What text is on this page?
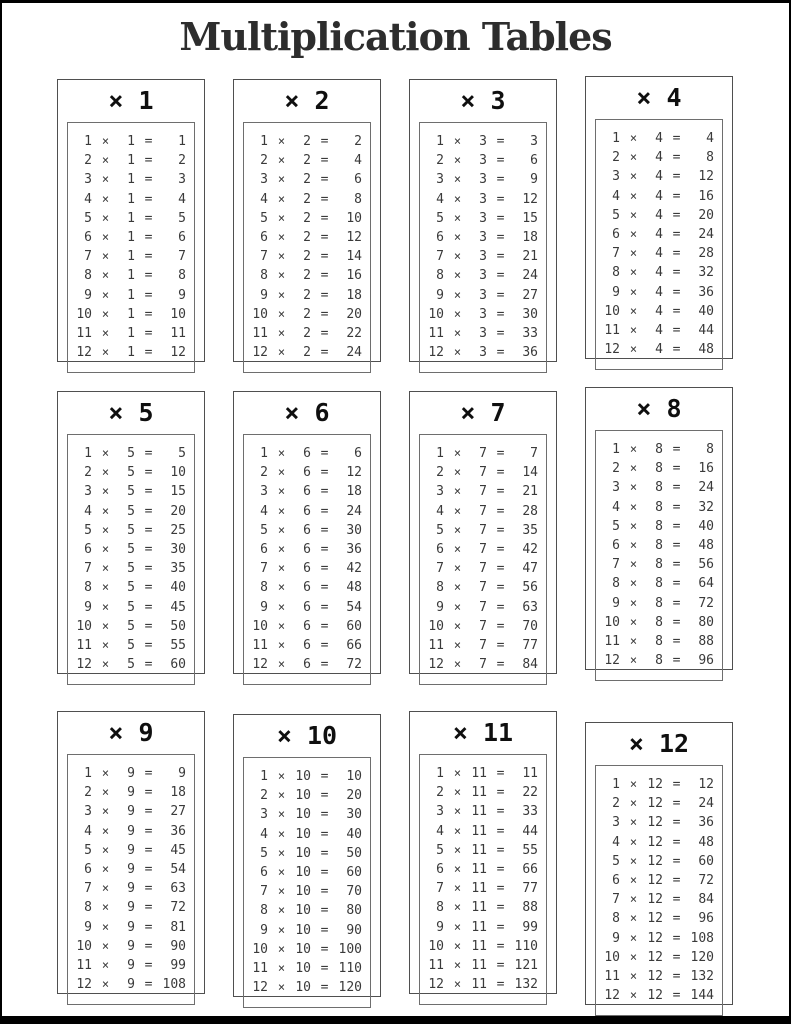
Multiplication Tables
× 1
1 ×	1 =	1
2 ×	1 =	2
3 ×	1 =	3
4 ×	1 =	4
5 ×	1 =	5
6 ×	1 =	6
7 ×	1 =	7
8 ×	1 =	8
9 ×	1 =	9
10 ×	1 =	10
11 ×	1 =	11
12 ×	1 =	12
× 2
1 ×	2 =	2
2 ×	2 =	4
3 ×	2 =	6
4 ×	2 =	8
5 ×	2 =	10
6 ×	2 =	12
7 ×	2 =	14
8 ×	2 =	16
9 ×	2 =	18
10 ×	2 =	20
11 ×	2 =	22
12 ×	2 =	24
× 3
1 ×	3 =	3
2 ×	3 =	6
3 ×	3 =	9
4 ×	3 =	12
5 ×	3 =	15
6 ×	3 =	18
7 ×	3 =	21
8 ×	3 =	24
9 ×	3 =	27
10 ×	3 =	30
11 ×	3 =	33
12 ×	3 =	36
× 4
1 ×	4 =	4
2 ×	4 =	8
3 ×	4 =	12
4 ×	4 =	16
5 ×	4 =	20
6 ×	4 =	24
7 ×	4 =	28
8 ×	4 =	32
9 ×	4 =	36
10 ×	4 =	40
11 ×	4 =	44
12 ×	4 =	48
× 5
1 ×	5 =	5
2 ×	5 =	10
3 ×	5 =	15
4 ×	5 =	20
5 ×	5 =	25
6 ×	5 =	30
7 ×	5 =	35
8 ×	5 =	40
9 ×	5 =	45
10 ×	5 =	50
11 ×	5 =	55
12 ×	5 =	60
× 6
1 ×	6 =	6
2 ×	6 =	12
3 ×	6 =	18
4 ×	6 =	24
5 ×	6 =	30
6 ×	6 =	36
7 ×	6 =	42
8 ×	6 =	48
9 ×	6 =	54
10 ×	6 =	60
11 ×	6 =	66
12 ×	6 =	72
× 7
1 ×	7 =	7
2 ×	7 =	14
3 ×	7 =	21
4 ×	7 =	28
5 ×	7 =	35
6 ×	7 =	42
7 ×	7 =	47
8 ×	7 =	56
9 ×	7 =	63
10 ×	7 =	70
11 ×	7 =	77
12 ×	7 =	84
× 8
1 ×	8 =	8
2 ×	8 =	16
3 ×	8 =	24
4 ×	8 =	32
5 ×	8 =	40
6 ×	8 =	48
7 ×	8 =	56
8 ×	8 =	64
9 ×	8 =	72
10 ×	8 =	80
11 ×	8 =	88
12 ×	8 =	96
× 9
1 ×	9 =	9
2 ×	9 =	18
3 ×	9 =	27
4 ×	9 =	36
5 ×	9 =	45
6 ×	9 =	54
7 ×	9 =	63
8 ×	9 =	72
9 ×	9 =	81
10 ×	9 =	90
11 ×	9 =	99
12 ×	9 = 108
× 10
1 × 10 =	10
2 × 10 =	20
3 × 10 =	30
4 × 10 =	40
5 × 10 =	50
6 × 10 =	60
7 × 10 =	70
8 × 10 =	80
9 × 10 =	90
10 × 10 = 100
11 × 10 = 110
12 × 10 = 120
× 11
1 × 11 =	11
2 × 11 =	22
3 × 11 =	33
4 × 11 =	44
5 × 11 =	55
6 × 11 =	66
7 × 11 =	77
8 × 11 =	88
9 × 11 =	99
10 × 11 = 110
11 × 11 = 121
12 × 11 = 132
× 12
1 × 12 =	12
2 × 12 =	24
3 × 12 =	36
4 × 12 =	48
5 × 12 =	60
6 × 12 =	72
7 × 12 =	84
8 × 12 =	96
9 × 12 = 108
10 × 12 = 120
11 × 12 = 132
12 × 12 = 144
